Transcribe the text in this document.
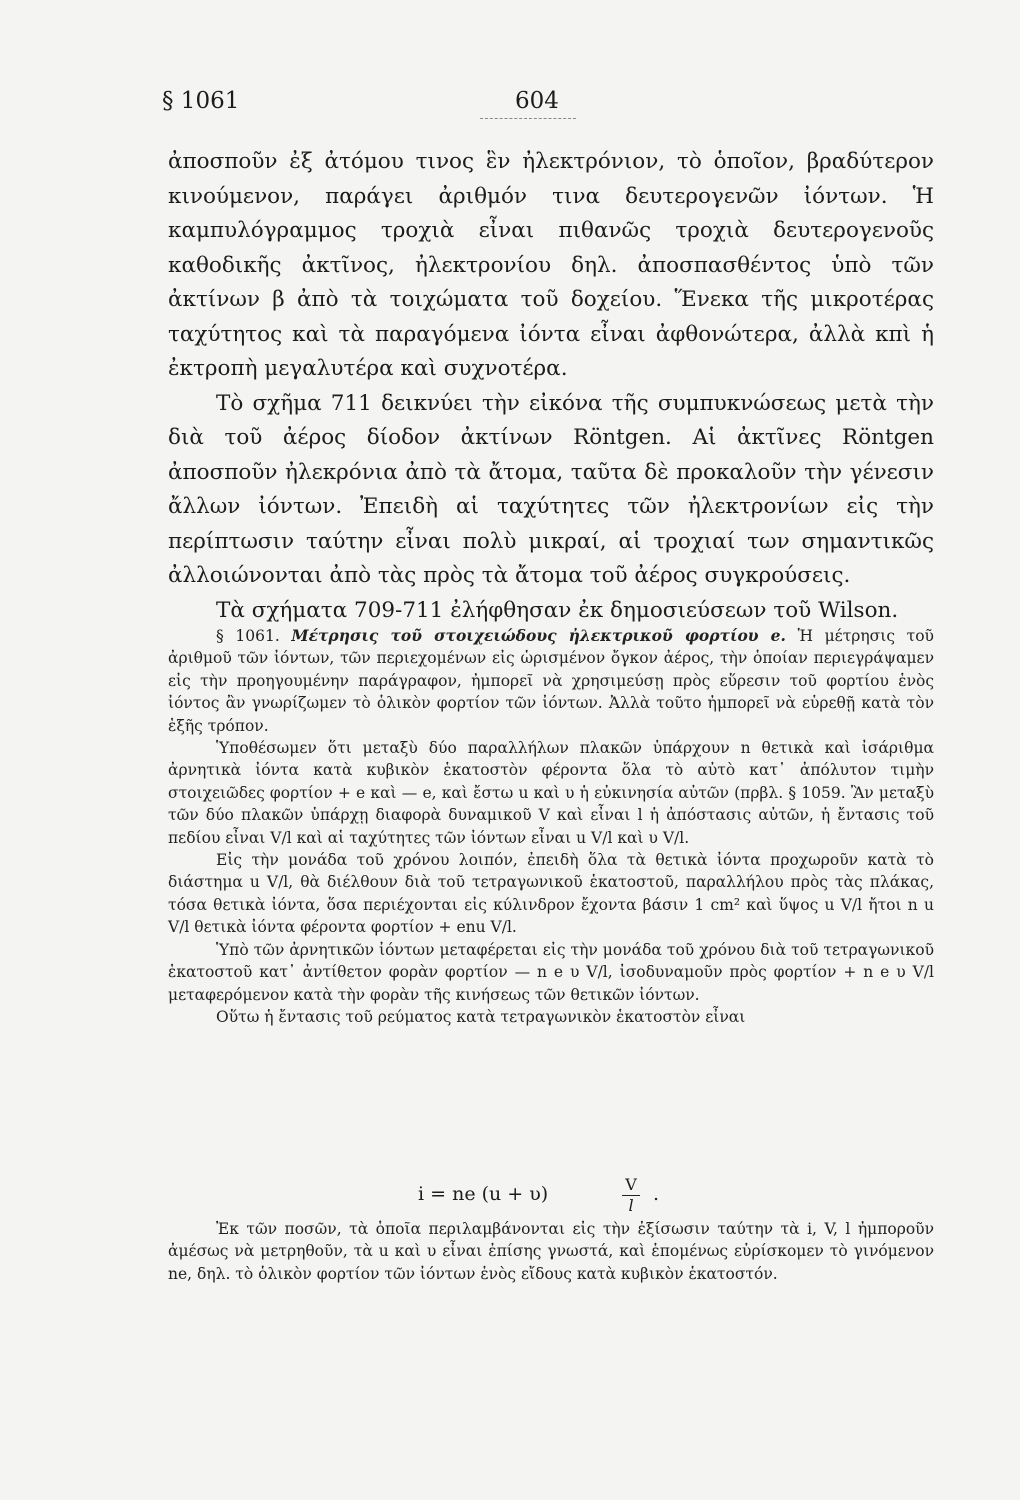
§ 1061	604

ἀποσποῦν ἐξ ἀτόμου τινος ἓν ἠλεκτρόνιον, τὸ ὁποῖον, βραδύτερον κινούμενον, παράγει ἀριθμόν τινα δευτερογενῶν ἰόντων. Ἡ καμπυλόγραμμος τροχιὰ εἶναι πιθανῶς τροχιὰ δευτερογενοῦς καθοδικῆς ἀκτῖνος, ἠλεκτρονίου δηλ. ἀποσπασθέντος ὑπὸ τῶν ἀκτίνων β ἀπὸ τὰ τοιχώματα τοῦ δοχείου. Ἕνεκα τῆς μικροτέρας ταχύτητος καὶ τὰ παραγόμενα ἰόντα εἶναι ἀφθονώτερα, ἀλλὰ κπὶ ἡ ἐκτροπὴ μεγαλυτέρα καὶ συχνοτέρα.

Τὸ σχῆμα 711 δεικνύει τὴν εἰκόνα τῆς συμπυκνώσεως μετὰ τὴν διὰ τοῦ ἀέρος δίοδον ἀκτίνων Röntgen. Αἱ ἀκτῖνες Röntgen ἀποσποῦν ἠλεκρόνια ἀπὸ τὰ ἄτομα, ταῦτα δὲ προκαλοῦν τὴν γένεσιν ἄλλων ἰόντων. Ἐπειδὴ αἱ ταχύτητες τῶν ἠλεκτρονίων εἰς τὴν περίπτωσιν ταύτην εἶναι πολὺ μικραί, αἱ τροχιαί των σημαντικῶς ἀλλοιώνονται ἀπὸ τὰς πρὸς τὰ ἄτομα τοῦ ἀέρος συγκρούσεις.

Τὰ σχήματα 709-711 ἐλήφθησαν ἐκ δημοσιεύσεων τοῦ Wilson.

§ 1061. Μέτρησις τοῦ στοιχειώδους ἠλεκτρικοῦ φορτίου e. Ἡ μέτρησις τοῦ ἀριθμοῦ τῶν ἰόντων, τῶν περιεχομένων εἰς ὡρισμένον ὄγκον ἀέρος, τὴν ὁποίαν περιεγράψαμεν εἰς τὴν προηγουμένην παράγραφον, ἠμπορεῖ νὰ χρησιμεύσῃ πρὸς εὕρεσιν τοῦ φορτίου ἑνὸς ἰόντος ἂν γνωρίζωμεν τὸ ὁλικὸν φορτίον τῶν ἰόντων. Ἀλλὰ τοῦτο ἠμπορεῖ νὰ εὑρεθῇ κατὰ τὸν ἑξῆς τρόπον.

Ὑποθέσωμεν ὅτι μεταξὺ δύο παραλλήλων πλακῶν ὑπάρχουν n θετικὰ καὶ ἰσάριθμα ἀρνητικὰ ἰόντα κατὰ κυβικὸν ἑκατοστὸν φέροντα ὅλα τὸ αὐτὸ κατ᾽ ἀπόλυτον τιμὴν στοιχειῶδες φορτίον + e καὶ — e, καὶ ἔστω u καὶ υ ἡ εὐκινησία αὐτῶν (πρβλ. § 1059. Ἂν μεταξὺ τῶν δύο πλακῶν ὑπάρχῃ διαφορὰ δυναμικοῦ V καὶ εἶναι l ἡ ἀπόστασις αὐτῶν, ἡ ἔντασις τοῦ πεδίου εἶναι V/l καὶ αἱ ταχύτητες τῶν ἰόντων εἶναι u V/l καὶ υ V/l.

Εἰς τὴν μονάδα τοῦ χρόνου λοιπόν, ἐπειδὴ ὅλα τὰ θετικὰ ἰόντα προχωροῦν κατὰ τὸ διάστημα u V/l, θὰ διέλθουν διὰ τοῦ τετραγωνικοῦ ἑκατοστοῦ, παραλλήλου πρὸς τὰς πλάκας, τόσα θετικὰ ἰόντα, ὅσα περιέχονται εἰς κύλινδρον ἔχοντα βάσιν 1 cm² καὶ ὕψος u V/l ἤτοι n u V/l θετικὰ ἰόντα φέροντα φορτίον + enu V/l.

Ὑπὸ τῶν ἀρνητικῶν ἰόντων μεταφέρεται εἰς τὴν μονάδα τοῦ χρόνου διὰ τοῦ τετραγωνικοῦ ἑκατοστοῦ κατ᾽ ἀντίθετον φορὰν φορτίον — n e υ V/l, ἰσοδυναμοῦν πρὸς φορτίον + n e υ V/l μεταφερόμενον κατὰ τὴν φορὰν τῆς κινήσεως τῶν θετικῶν ἰόντων.

Οὕτω ἡ ἔντασις τοῦ ρεύματος κατὰ τετραγωνικὸν ἑκατοστὸν εἶναι

i = ne (u + υ)	V
l
.

Ἐκ τῶν ποσῶν, τὰ ὁποῖα περιλαμβάνονται εἰς τὴν ἐξίσωσιν ταύτην τὰ i, V, l ἠμποροῦν ἀμέσως νὰ μετρηθοῦν, τὰ u καὶ υ εἶναι ἐπίσης γνωστά, καὶ ἑπομένως εὑρίσκομεν τὸ γινόμενον ne, δηλ. τὸ ὁλικὸν φορτίον τῶν ἰόντων ἑνὸς εἴδους κατὰ κυβικὸν ἑκατοστόν.
